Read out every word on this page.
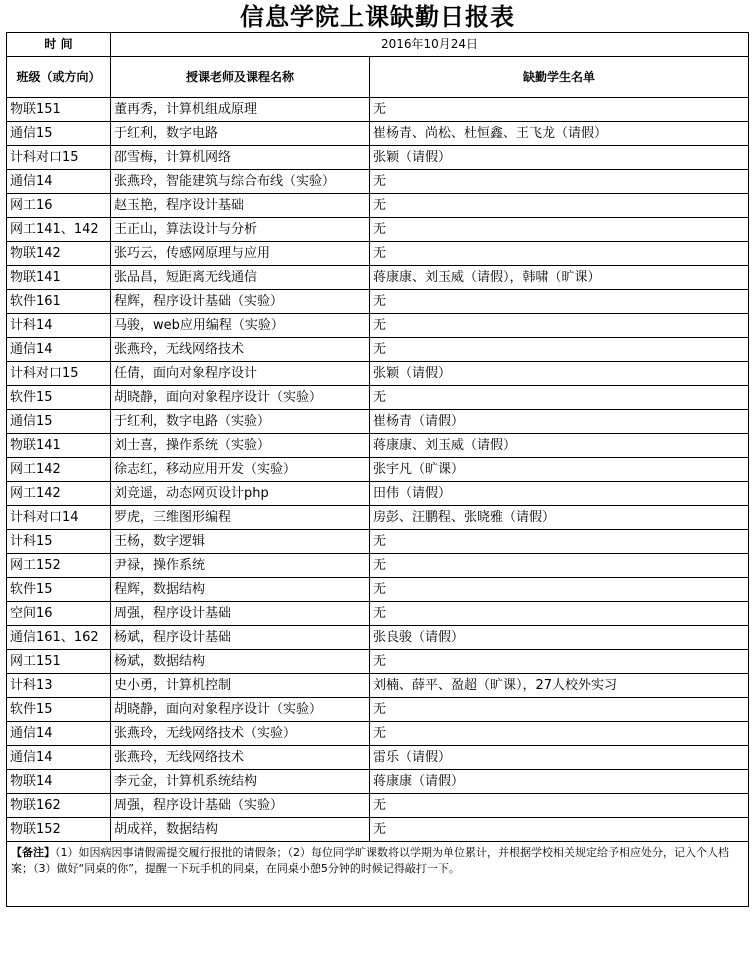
信息学院上课缺勤日报表
时 间	2016年10月24日	
班级（或方向）	授课老师及课程名称	缺勤学生名单
物联151	董再秀，计算机组成原理	无
通信15	于红利，数字电路	崔杨青、尚松、杜恒鑫、王飞龙（请假）
计科对口15	邵雪梅，计算机网络	张颖（请假）
通信14	张燕玲，智能建筑与综合布线（实验）	无
网工16	赵玉艳，程序设计基础	无
网工141、142	王正山，算法设计与分析	无
物联142	张巧云，传感网原理与应用	无
物联141	张品昌，短距离无线通信	蒋康康、刘玉威（请假），韩啸（旷课）
软件161	程辉，程序设计基础（实验）	无
计科14	马骏，web应用编程（实验）	无
通信14	张燕玲，无线网络技术	无
计科对口15	任倩，面向对象程序设计	张颖（请假）
软件15	胡晓静，面向对象程序设计（实验）	无
通信15	于红利，数字电路（实验）	崔杨青（请假）
物联141	刘士喜，操作系统（实验）	蒋康康、刘玉威（请假）
网工142	徐志红，移动应用开发（实验）	张宇凡（旷课）
网工142	刘竞遥，动态网页设计php	田伟（请假）
计科对口14	罗虎，三维图形编程	房彭、汪鹏程、张晓雅（请假）
计科15	王杨，数字逻辑	无
网工152	尹禄，操作系统	无
软件15	程辉，数据结构	无
空间16	周强，程序设计基础	无
通信161、162	杨斌，程序设计基础	张良骏（请假）
网工151	杨斌，数据结构	无
计科13	史小勇，计算机控制	刘楠、薛平、盈超（旷课），27人校外实习
软件15	胡晓静，面向对象程序设计（实验）	无
通信14	张燕玲，无线网络技术（实验）	无
通信14	张燕玲，无线网络技术	雷乐（请假）
物联14	李元金，计算机系统结构	蒋康康（请假）
物联162	周强，程序设计基础（实验）	无
物联152	胡成祥，数据结构	无
【备注】（1）如因病因事请假需提交履行报批的请假条；（2）每位同学旷课数将以学期为单位累计，并根据学校相关规定给予相应处分，记入个人档案；（3）做好“同桌的你”，提醒一下玩手机的同桌，在同桌小憩5分钟的时候记得敲打一下。		
